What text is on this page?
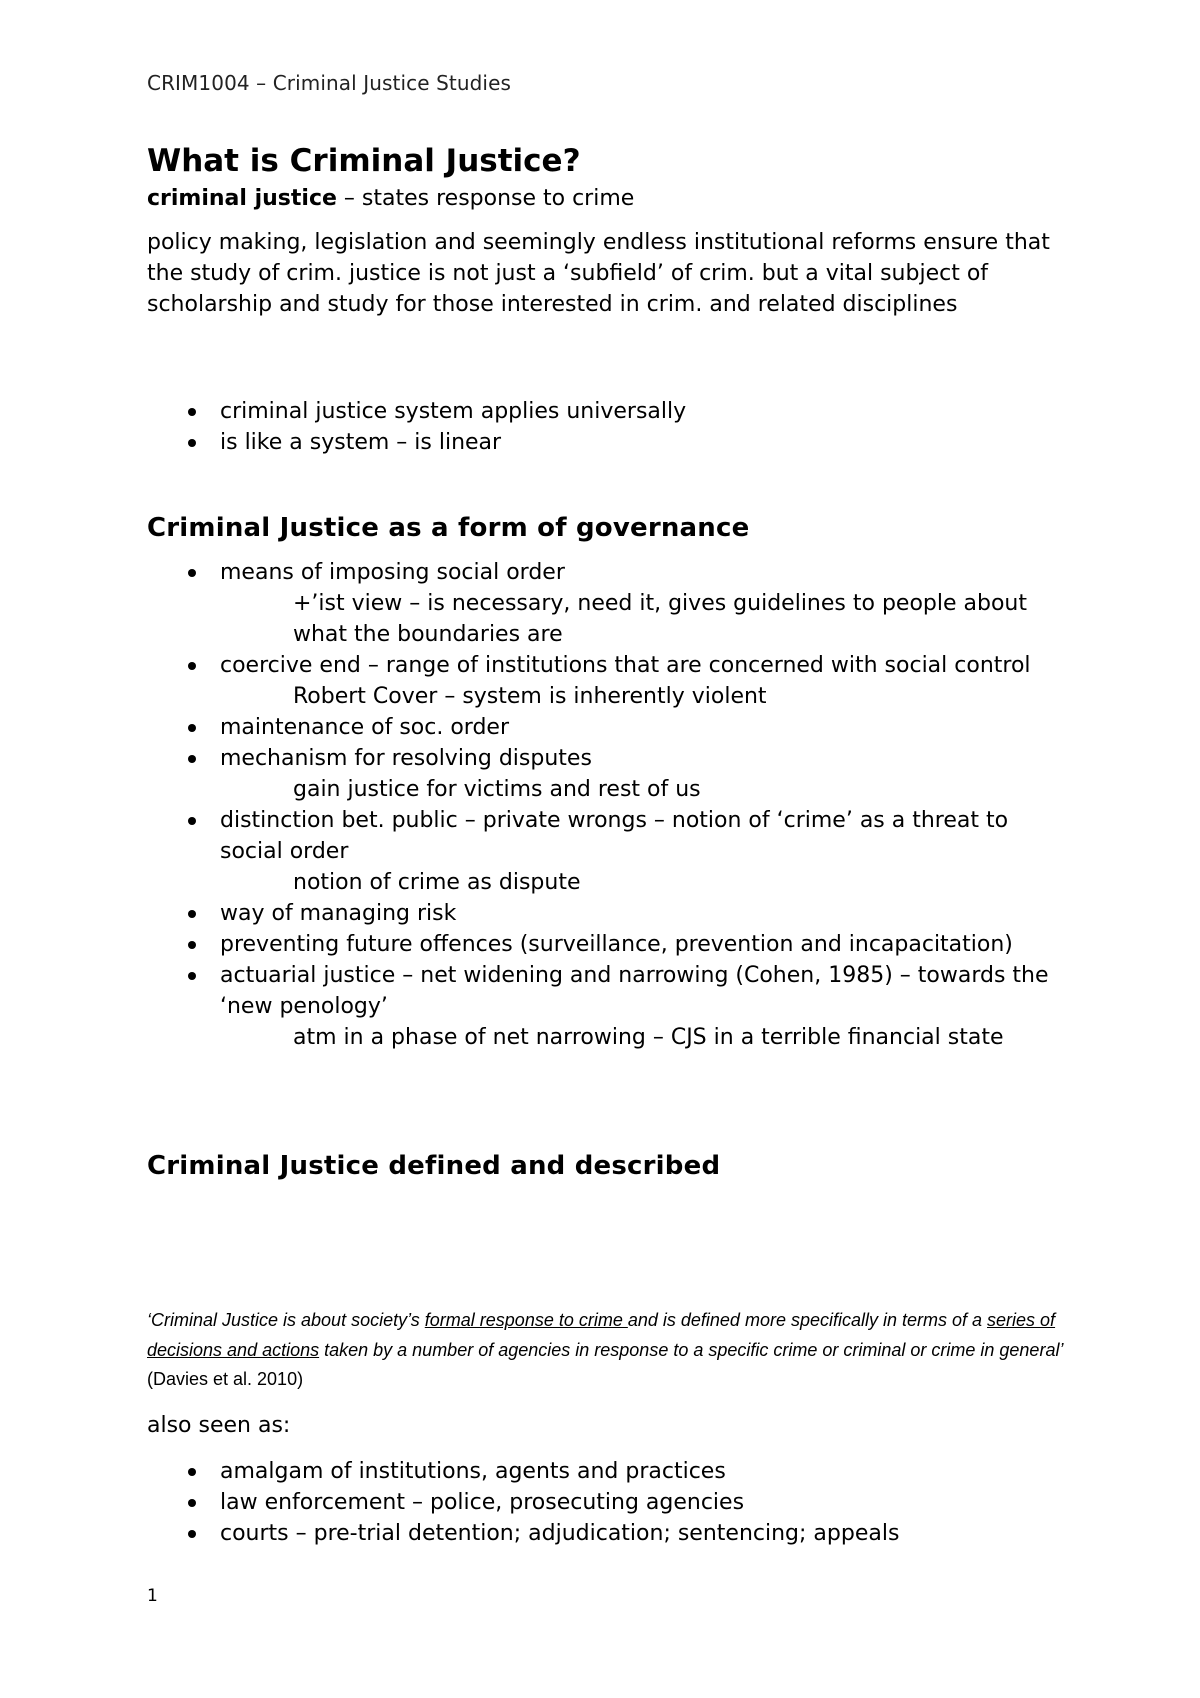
CRIM1004 – Criminal Justice Studies
What is Criminal Justice?

criminal justice – states response to crime

policy making, legislation and seemingly endless institutional reforms ensure that the study of crim. justice is not just a ‘subfield’ of crim. but a vital subject of scholarship and study for those interested in crim. and related disciplines

criminal justice system applies universally
is like a system – is linear
Criminal Justice as a form of governance
means of imposing social order
+’ist view – is necessary, need it, gives guidelines to people about what the boundaries are
coercive end – range of institutions that are concerned with social control
Robert Cover – system is inherently violent
maintenance of soc. order
mechanism for resolving disputes
gain justice for victims and rest of us
distinction bet. public – private wrongs – notion of ‘crime’ as a threat to social order
notion of crime as dispute
way of managing risk
preventing future offences (surveillance, prevention and incapacitation)
actuarial justice – net widening and narrowing (Cohen, 1985) – towards the ‘new penology’
atm in a phase of net narrowing – CJS in a terrible financial state
Criminal Justice defined and described

‘Criminal Justice is about society’s formal response to crime and is defined more specifically in terms of a series of decisions and actions taken by a number of agencies in response to a specific crime or criminal or crime in general’ (Davies et al. 2010)

also seen as:

amalgam of institutions, agents and practices
law enforcement – police, prosecuting agencies
courts – pre-trial detention; adjudication; sentencing; appeals
1
